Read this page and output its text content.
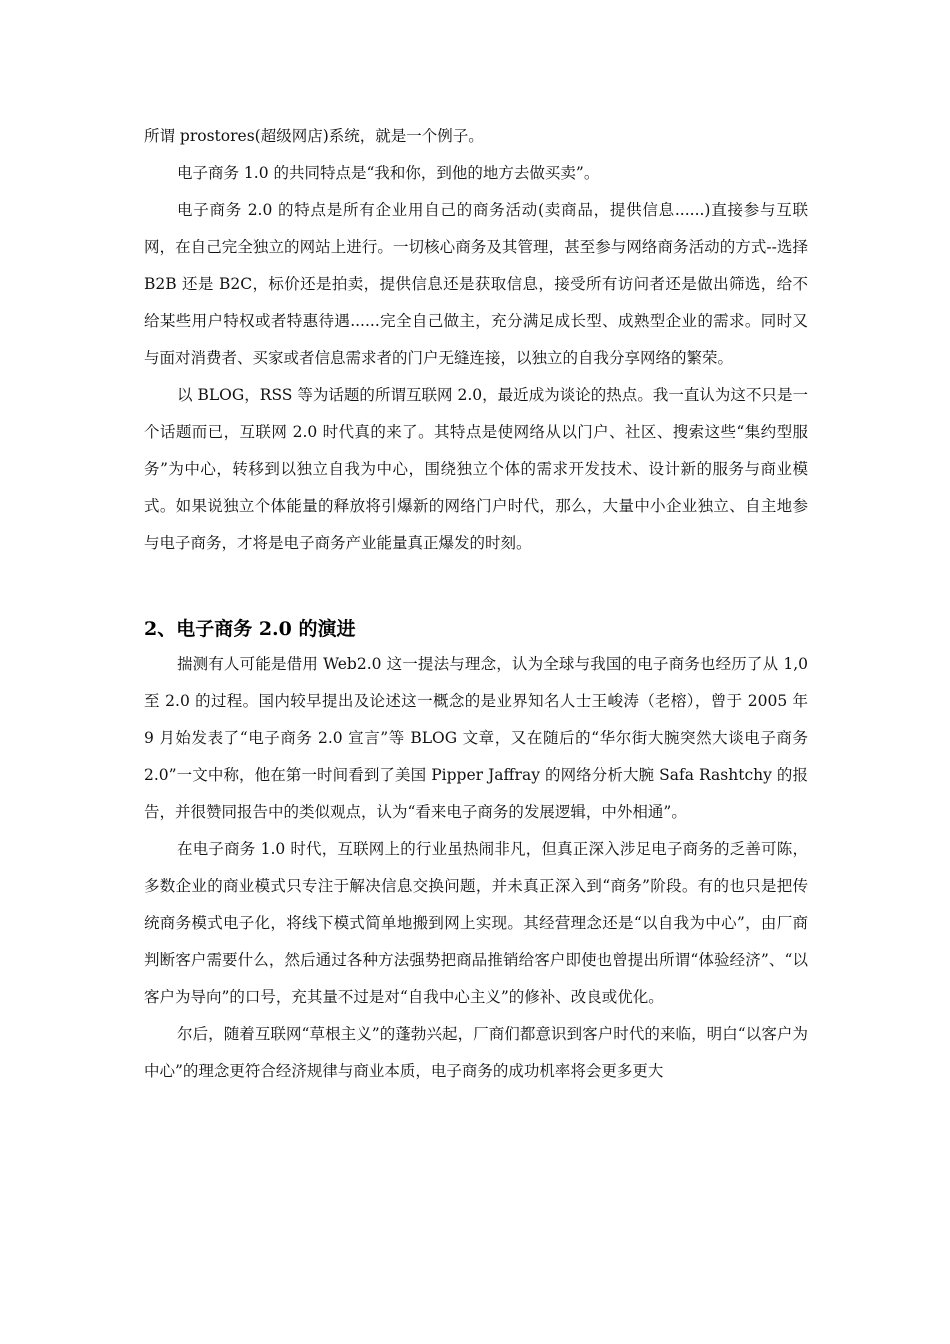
所谓 prostores(超级网店)系统，就是一个例子。

电子商务 1.0 的共同特点是“我和你，到他的地方去做买卖”。

电子商务 2.0 的特点是所有企业用自己的商务活动(卖商品，提供信息......)直接参与互联网，在自己完全独立的网站上进行。一切核心商务及其管理，甚至参与网络商务活动的方式--选择 B2B 还是 B2C，标价还是拍卖，提供信息还是获取信息，接受所有访问者还是做出筛选，给不给某些用户特权或者特惠待遇......完全自己做主，充分满足成长型、成熟型企业的需求。同时又与面对消费者、买家或者信息需求者的门户无缝连接，以独立的自我分享网络的繁荣。

以 BLOG，RSS 等为话题的所谓互联网 2.0，最近成为谈论的热点。我一直认为这不只是一个话题而已，互联网 2.0 时代真的来了。其特点是使网络从以门户、社区、搜索这些“集约型服务”为中心，转移到以独立自我为中心，围绕独立个体的需求开发技术、设计新的服务与商业模式。如果说独立个体能量的释放将引爆新的网络门户时代，那么，大量中小企业独立、自主地参与电子商务，才将是电子商务产业能量真正爆发的时刻。

2、电子商务 2.0 的演进

揣测有人可能是借用 Web2.0 这一提法与理念，认为全球与我国的电子商务也经历了从 1,0 至 2.0 的过程。国内较早提出及论述这一概念的是业界知名人士王峻涛（老榕），曾于 2005 年 9 月始发表了“电子商务 2.0 宣言”等 BLOG 文章，又在随后的“华尔街大腕突然大谈电子商务 2.0”一文中称，他在第一时间看到了美国 Pipper Jaffray 的网络分析大腕 Safa Rashtchy 的报告，并很赞同报告中的类似观点，认为“看来电子商务的发展逻辑，中外相通”。

在电子商务 1.0 时代，互联网上的行业虽热闹非凡，但真正深入涉足电子商务的乏善可陈，多数企业的商业模式只专注于解决信息交换问题，并未真正深入到“商务”阶段。有的也只是把传统商务模式电子化，将线下模式简单地搬到网上实现。其经营理念还是“以自我为中心”，由厂商判断客户需要什么，然后通过各种方法强势把商品推销给客户即使也曾提出所谓“体验经济”、“以客户为导向”的口号，充其量不过是对“自我中心主义”的修补、改良或优化。

尔后，随着互联网“草根主义”的蓬勃兴起，厂商们都意识到客户时代的来临，明白“以客户为中心”的理念更符合经济规律与商业本质，电子商务的成功机率将会更多更大
